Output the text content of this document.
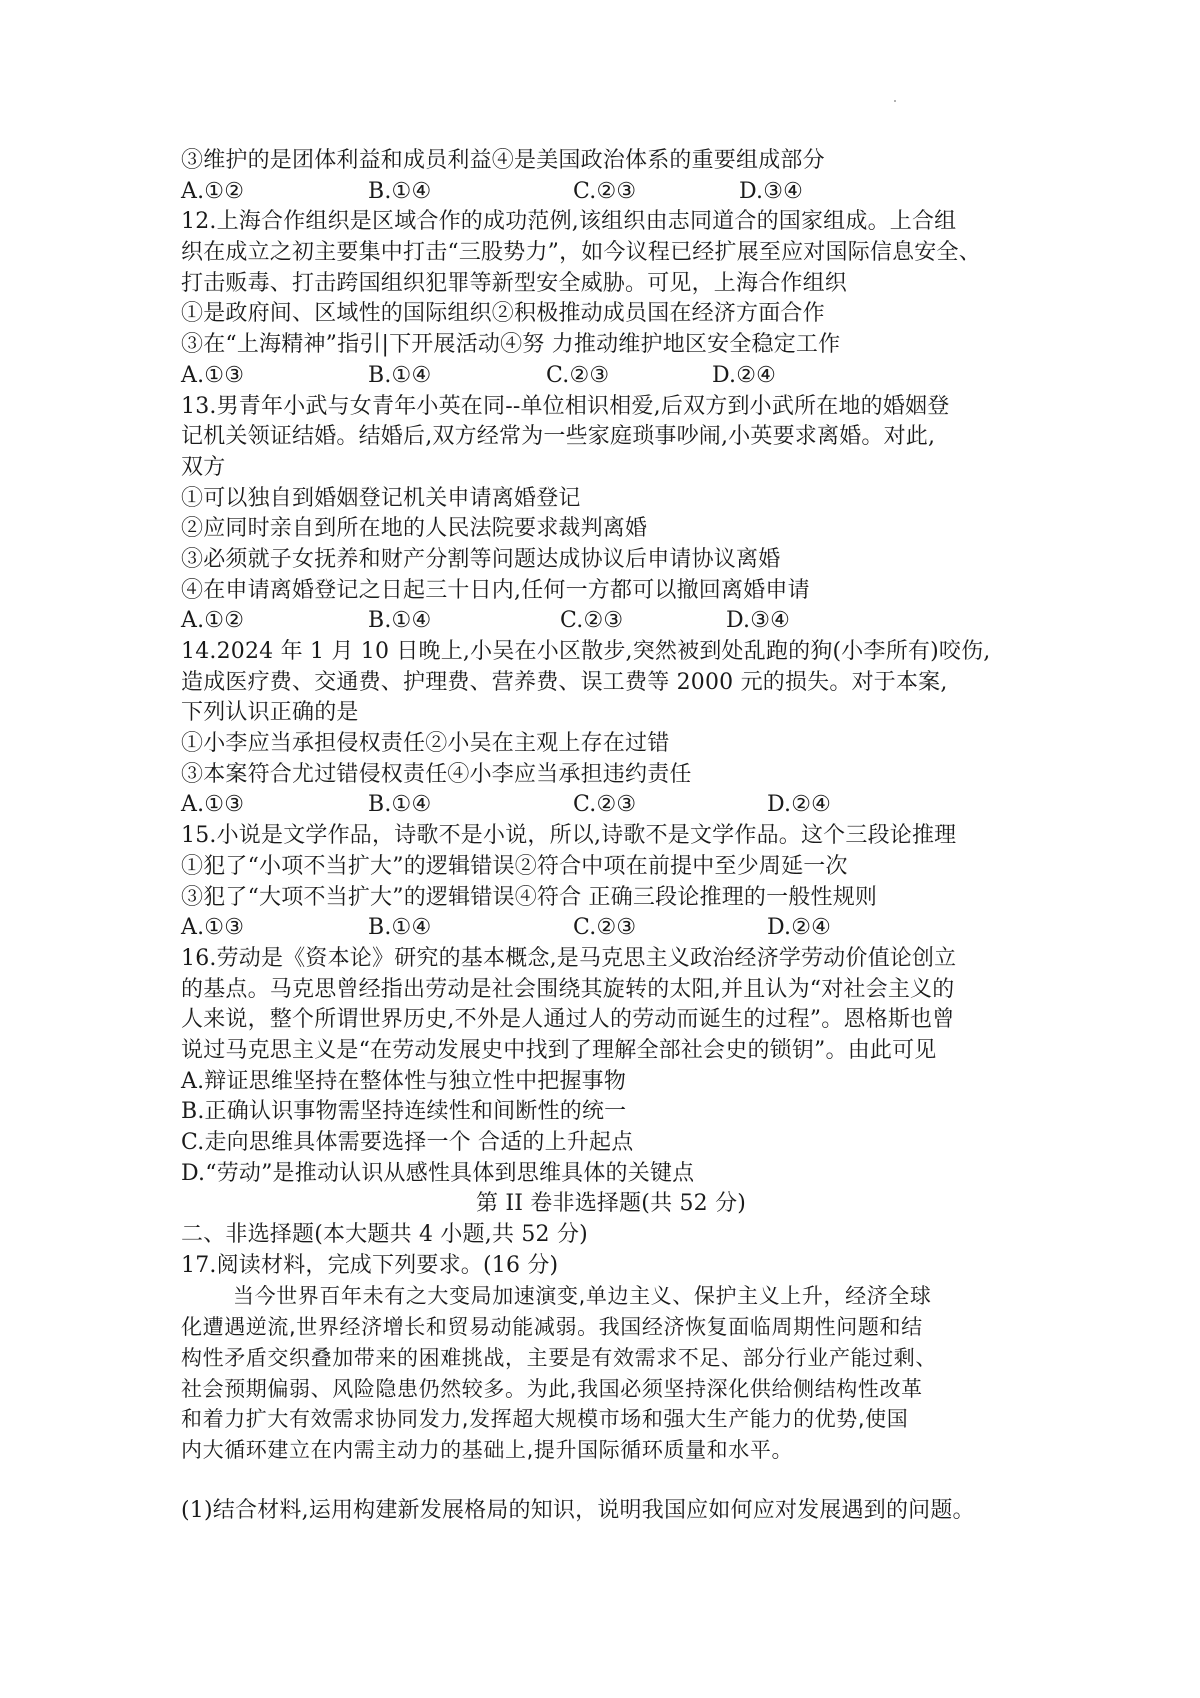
③维护的是团体利益和成员利益④是美国政治体系的重要组成部分
A.①②	B.①④	C.②③	D.③④
12.上海合作组织是区域合作的成功范例,该组织由志同道合的国家组成。上合组
织在成立之初主要集中打击“三股势力”，如今议程已经扩展至应对国际信息安全、
打击贩毒、打击跨国组织犯罪等新型安全威胁。可见，上海合作组织
①是政府间、区域性的国际组织②积极推动成员国在经济方面合作
③在“上海精神”指引|下开展活动④努 力推动维护地区安全稳定工作
A.①③	B.①④	C.②③	D.②④
13.男青年小武与女青年小英在同--单位相识相爱,后双方到小武所在地的婚姻登
记机关领证结婚。结婚后,双方经常为一些家庭琐事吵闹,小英要求离婚。对此,
双方
①可以独自到婚姻登记机关申请离婚登记
②应同时亲自到所在地的人民法院要求裁判离婚
③必须就子女抚养和财产分割等问题达成协议后申请协议离婚
④在申请离婚登记之日起三十日内,任何一方都可以撤回离婚申请
A.①②	B.①④	C.②③	D.③④
14.2024 年 1 月 10 日晚上,小吴在小区散步,突然被到处乱跑的狗(小李所有)咬伤,
造成医疗费、交通费、护理费、营养费、误工费等 2000 元的损失。对于本案,
下列认识正确的是
①小李应当承担侵权责任②小吴在主观上存在过错
③本案符合尤过错侵权责任④小李应当承担违约责任
A.①③	B.①④	C.②③	D.②④
15.小说是文学作品，诗歌不是小说，所以,诗歌不是文学作品。这个三段论推理
①犯了“小项不当扩大”的逻辑错误②符合中项在前提中至少周延一次
③犯了“大项不当扩大”的逻辑错误④符合 正确三段论推理的一般性规则
A.①③	B.①④	C.②③	D.②④
16.劳动是《资本论》研究的基本概念,是马克思主义政治经济学劳动价值论创立
的基点。马克思曾经指出劳动是社会围绕其旋转的太阳,并且认为“对社会主义的
人来说，整个所谓世界历史,不外是人通过人的劳动而诞生的过程”。恩格斯也曾
说过马克思主义是“在劳动发展史中找到了理解全部社会史的锁钥”。由此可见
A.辩证思维坚持在整体性与独立性中把握事物
B.正确认识事物需坚持连续性和间断性的统一
C.走向思维具体需要选择一个 合适的上升起点
D.“劳动”是推动认识从感性具体到思维具体的关键点
第 II 卷非选择题(共 52 分)
二、非选择题(本大题共 4 小题,共 52 分)
17.阅读材料，完成下列要求。(16 分)
当今世界百年未有之大变局加速演变,单边主义、保护主义上升，经济全球
化遭遇逆流,世界经济增长和贸易动能减弱。我国经济恢复面临周期性问题和结
构性矛盾交织叠加带来的困难挑战，主要是有效需求不足、部分行业产能过剩、
社会预期偏弱、风险隐患仍然较多。为此,我国必须坚持深化供给侧结构性改革
和着力扩大有效需求协同发力,发挥超大规模市场和强大生产能力的优势,使国
内大循环建立在内需主动力的基础上,提升国际循环质量和水平。
(1)结合材料,运用构建新发展格局的知识，说明我国应如何应对发展遇到的问题。
